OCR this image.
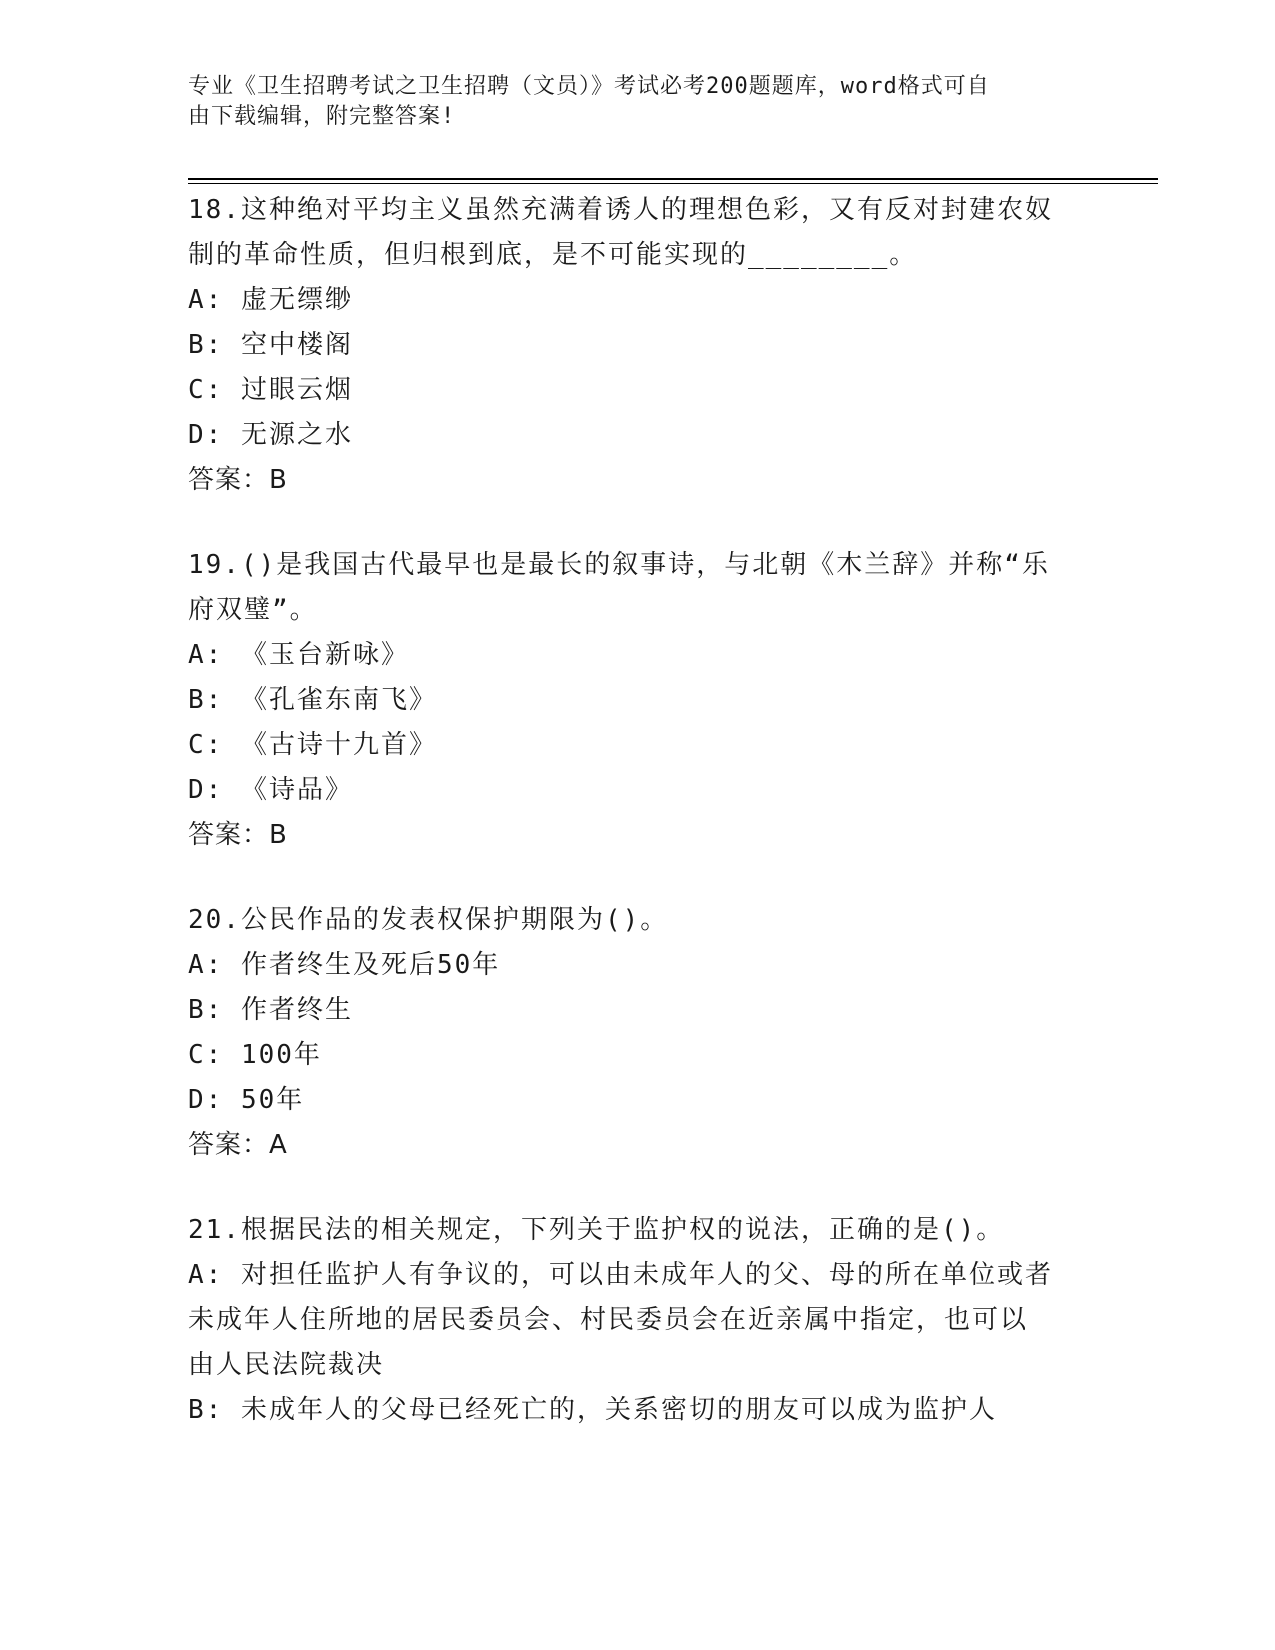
专业《卫生招聘考试之卫生招聘（文员）》考试必考200题题库，word格式可自
由下载编辑，附完整答案!
18.这种绝对平均主义虽然充满着诱人的理想色彩，又有反对封建农奴
制的革命性质，但归根到底，是不可能实现的________。
A: 虚无缥缈
B: 空中楼阁
C: 过眼云烟
D: 无源之水
答案：B
19.()是我国古代最早也是最长的叙事诗，与北朝《木兰辞》并称“乐
府双璧”。
A: 《玉台新咏》
B: 《孔雀东南飞》
C: 《古诗十九首》
D: 《诗品》
答案：B
20.公民作品的发表权保护期限为()。
A: 作者终生及死后50年
B: 作者终生
C: 100年
D: 50年
答案：A
21.根据民法的相关规定，下列关于监护权的说法，正确的是()。
A: 对担任监护人有争议的，可以由未成年人的父、母的所在单位或者
未成年人住所地的居民委员会、村民委员会在近亲属中指定，也可以
由人民法院裁决
B: 未成年人的父母已经死亡的，关系密切的朋友可以成为监护人
